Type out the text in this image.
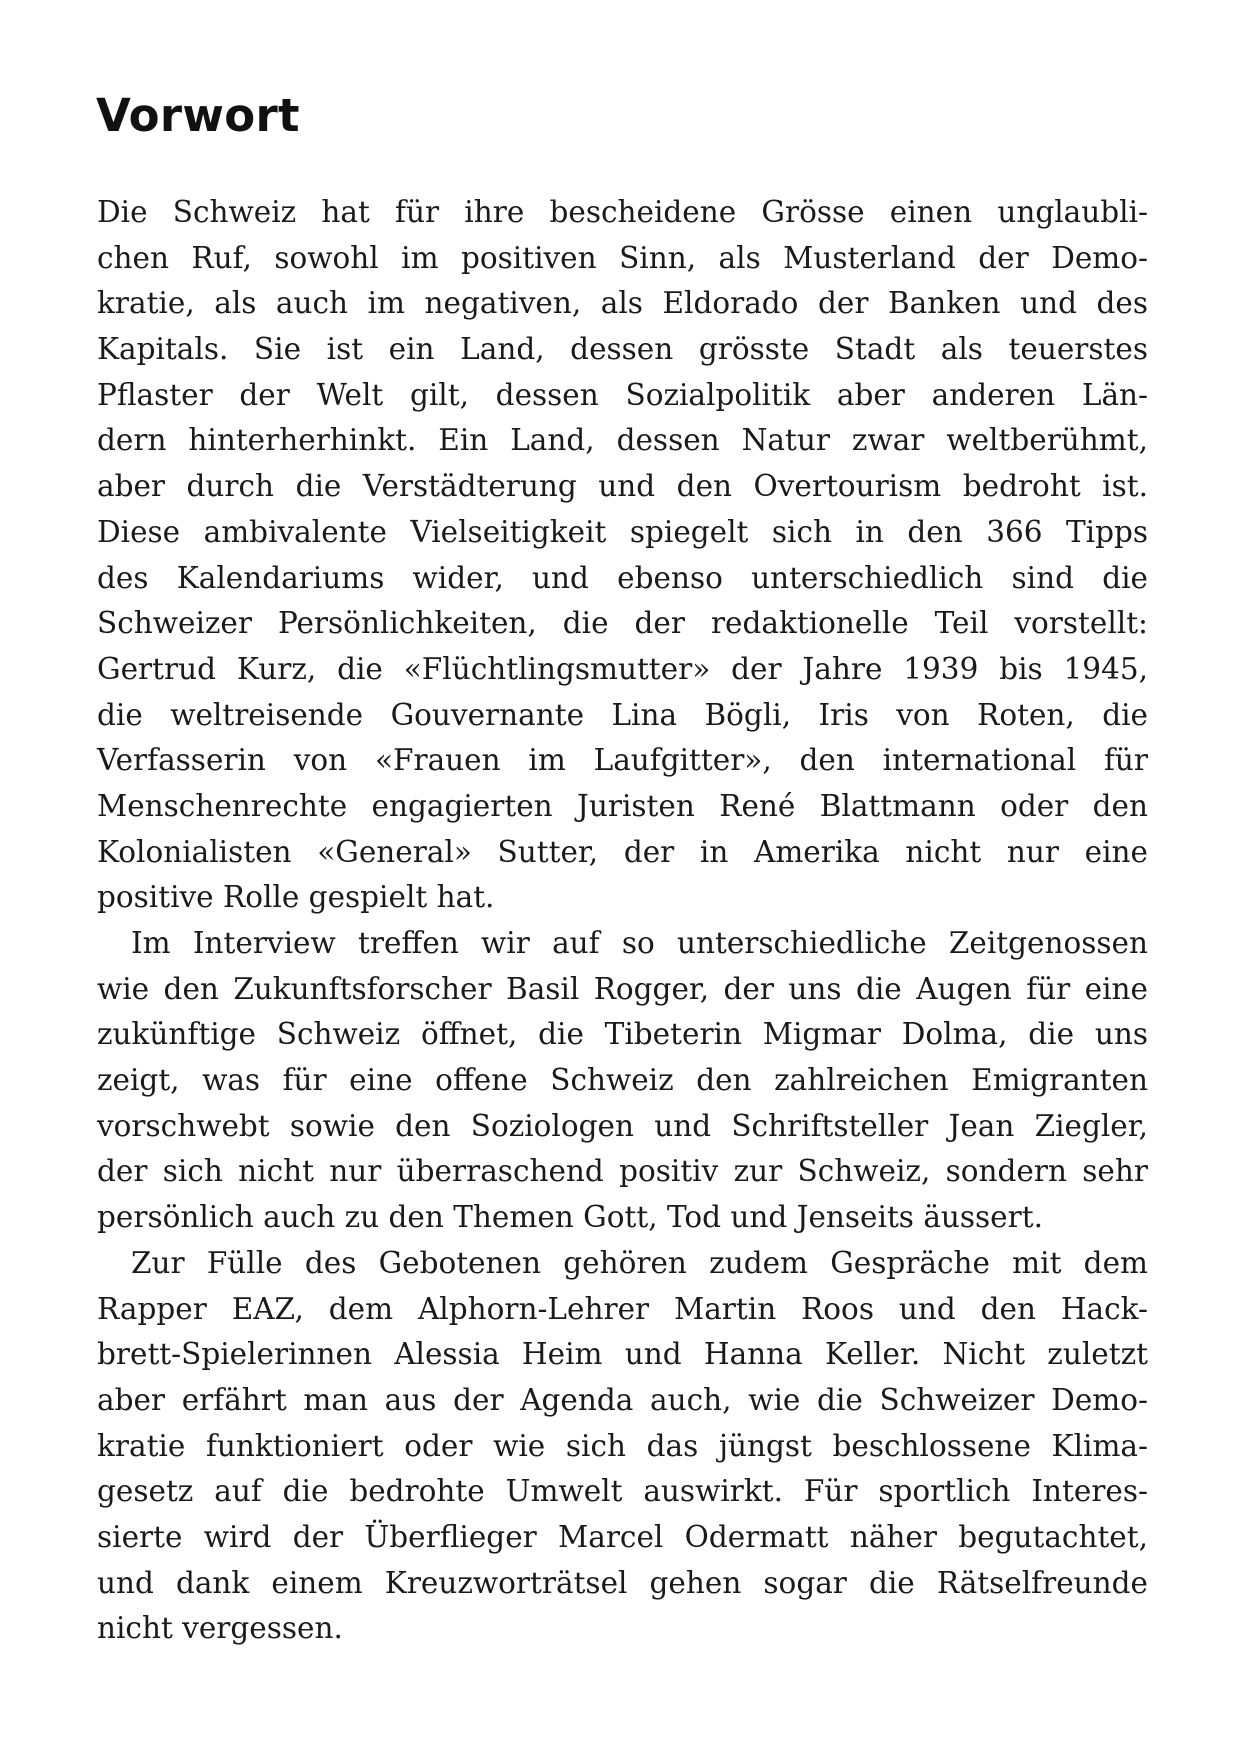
Vorwort

Die Schweiz hat für ihre bescheidene Grösse einen unglaubli-
chen Ruf, sowohl im positiven Sinn, als Musterland der Demo-
kratie, als auch im negativen, als Eldorado der Banken und des
Kapitals. Sie ist ein Land, dessen grösste Stadt als teuerstes
Pflaster der Welt gilt, dessen Sozialpolitik aber anderen Län-
dern hinterherhinkt. Ein Land, dessen Natur zwar weltberühmt,
aber durch die Verstädterung und den Overtourism bedroht ist.
Diese ambivalente Vielseitigkeit spiegelt sich in den 366 Tipps
des Kalendariums wider, und ebenso unterschiedlich sind die
Schweizer Persönlichkeiten, die der redaktionelle Teil vorstellt:
Gertrud Kurz, die «Flüchtlingsmutter» der Jahre 1939 bis 1945,
die weltreisende Gouvernante Lina Bögli, Iris von Roten, die
Verfasserin von «Frauen im Laufgitter», den international für
Menschenrechte engagierten Juristen René Blattmann oder den
Kolonialisten «General» Sutter, der in Amerika nicht nur eine
positive Rolle gespielt hat.

Im Interview treffen wir auf so unterschiedliche Zeitgenossen
wie den Zukunftsforscher Basil Rogger, der uns die Augen für eine
zukünftige Schweiz öffnet, die Tibeterin Migmar Dolma, die uns
zeigt, was für eine offene Schweiz den zahlreichen Emigranten
vorschwebt sowie den Soziologen und Schriftsteller Jean Ziegler,
der sich nicht nur überraschend positiv zur Schweiz, sondern sehr
persönlich auch zu den Themen Gott, Tod und Jenseits äussert.

Zur Fülle des Gebotenen gehören zudem Gespräche mit dem
Rapper EAZ, dem Alphorn-Lehrer Martin Roos und den Hack-
brett-Spielerinnen Alessia Heim und Hanna Keller. Nicht zuletzt
aber erfährt man aus der Agenda auch, wie die Schweizer Demo-
kratie funktioniert oder wie sich das jüngst beschlossene Klima-
gesetz auf die bedrohte Umwelt auswirkt. Für sportlich Interes-
sierte wird der Überflieger Marcel Odermatt näher begutachtet,
und dank einem Kreuzworträtsel gehen sogar die Rätselfreunde
nicht vergessen.
